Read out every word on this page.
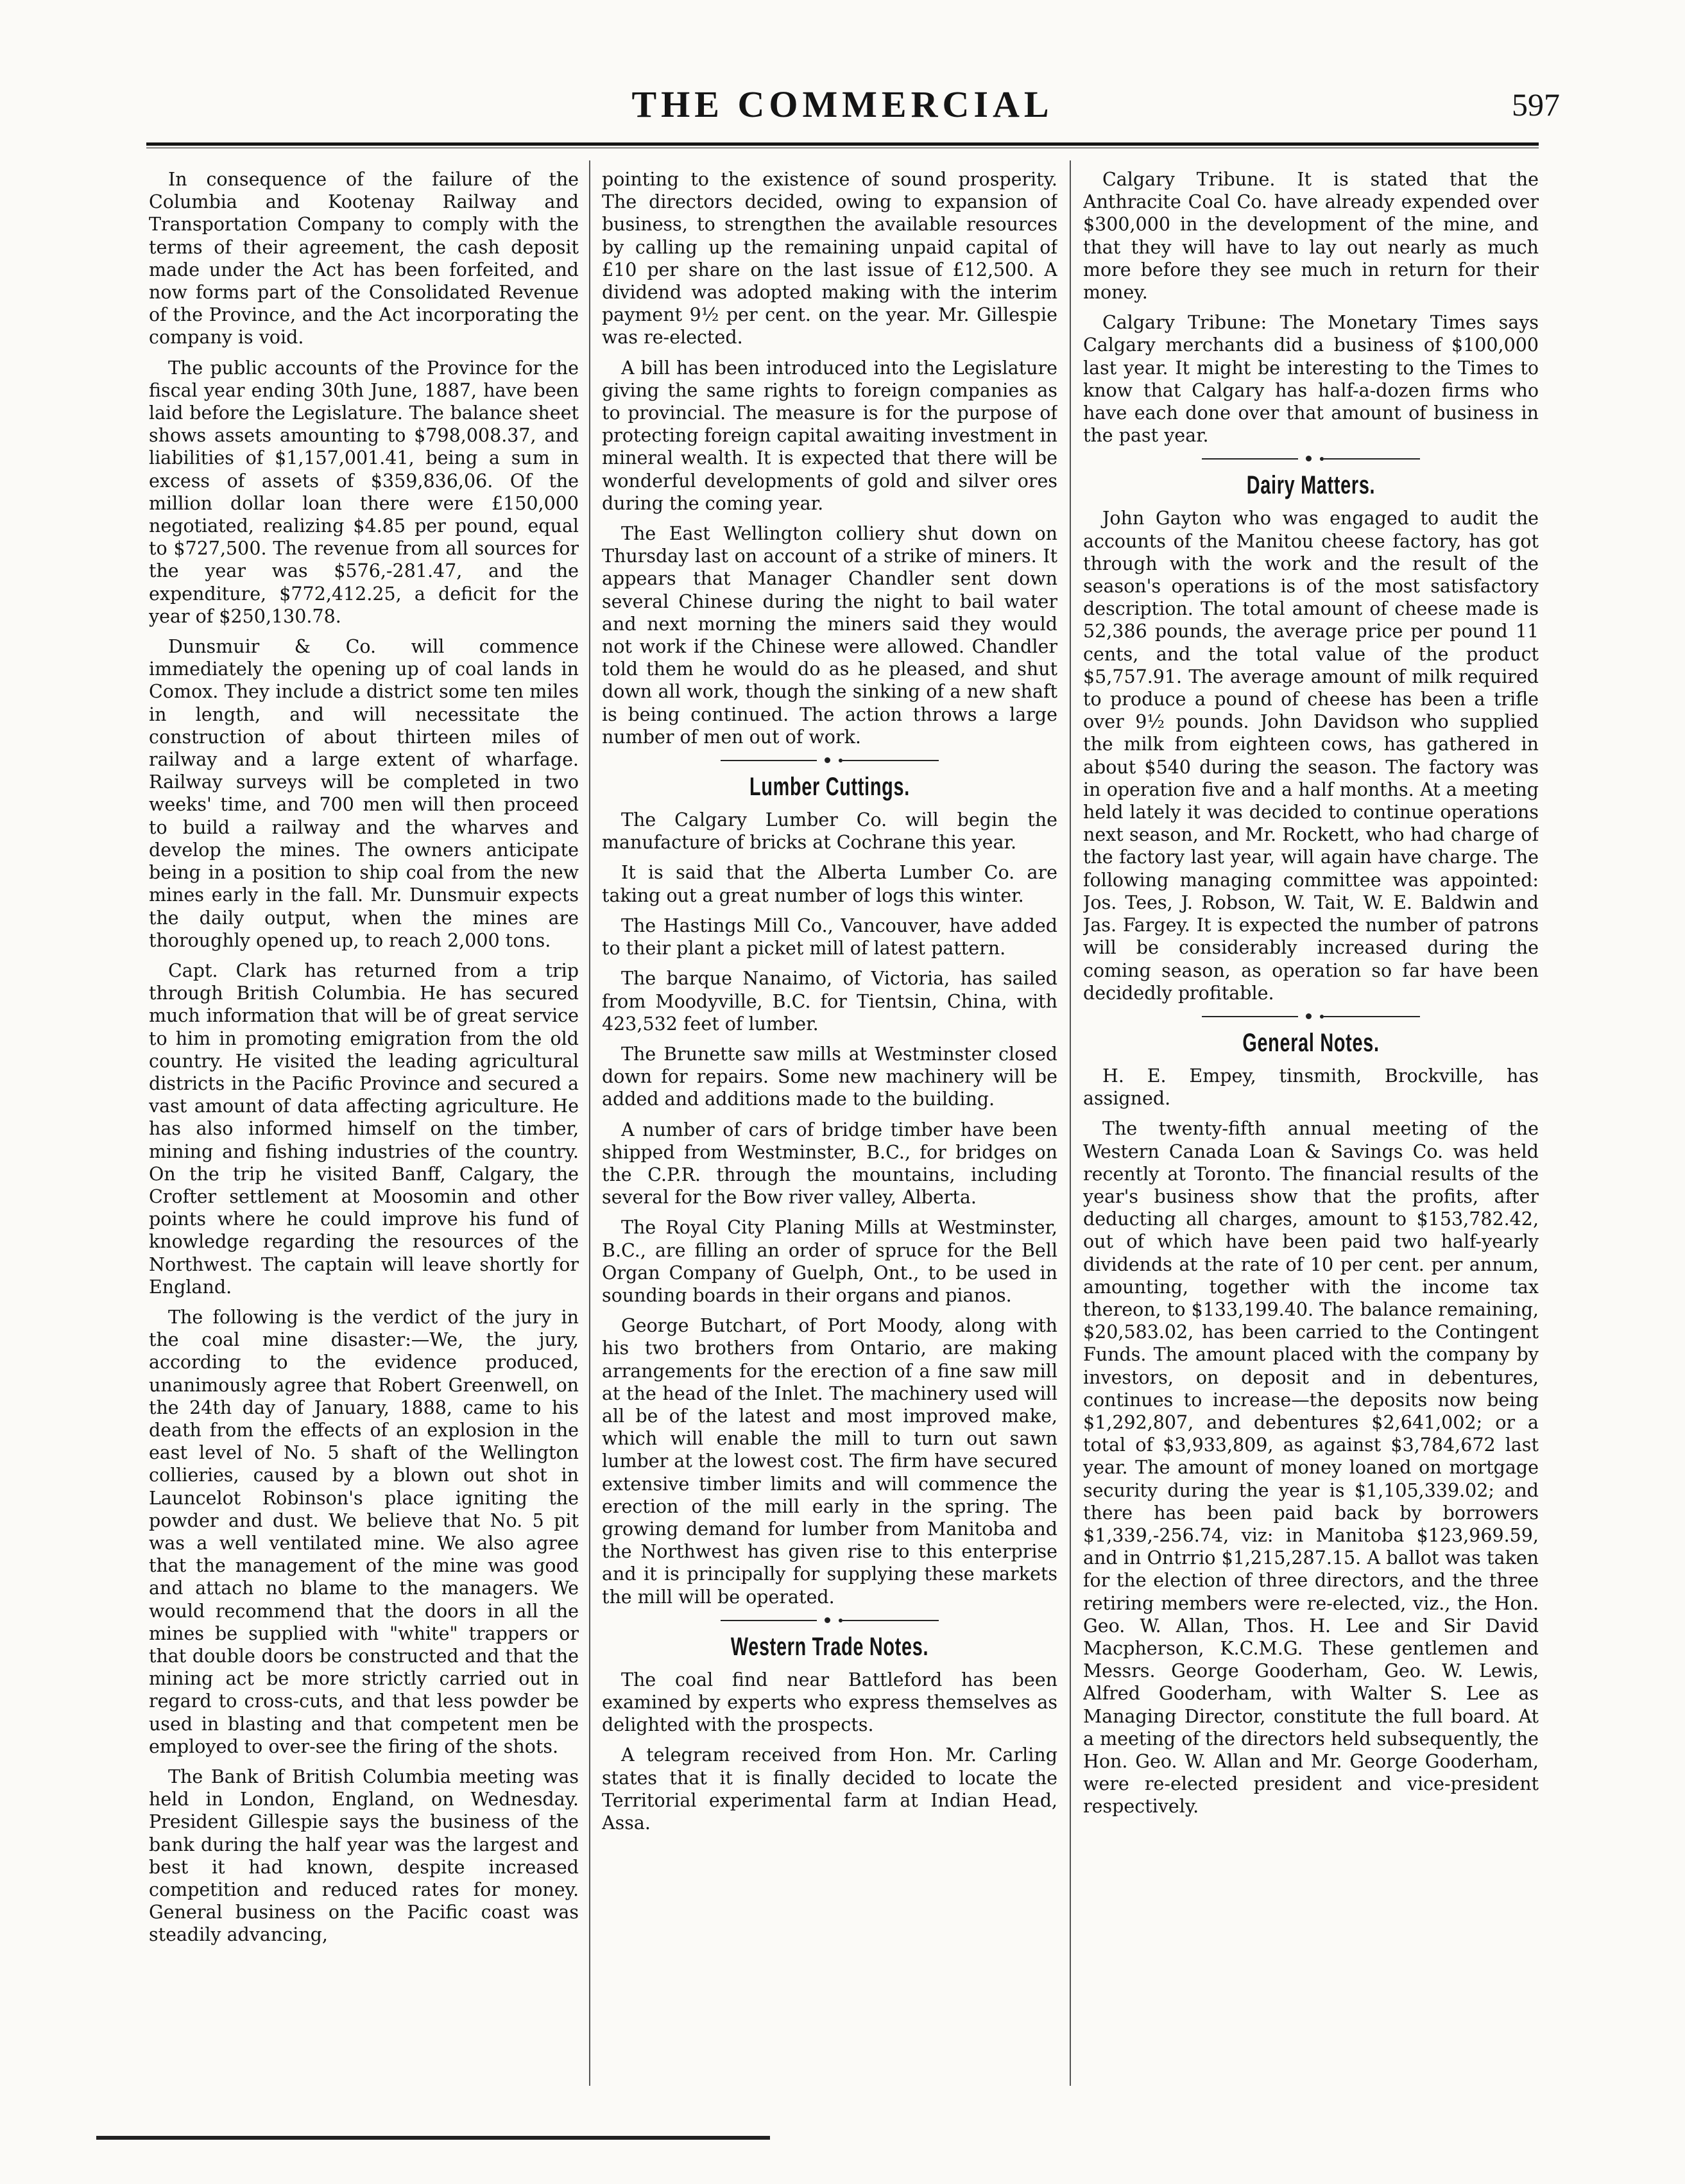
THE COMMERCIAL	597

In consequence of the failure of the Columbia and Kootenay Railway and Transportation Company to comply with the terms of their agreement, the cash deposit made under the Act has been forfeited, and now forms part of the Consolidated Revenue of the Province, and the Act incorporating the company is void.

The public accounts of the Province for the fiscal year ending 30th June, 1887, have been laid before the Legislature. The balance sheet shows assets amounting to $798,008.37, and liabilities of $1,157,001.41, being a sum in excess of assets of $359,836,06. Of the million dollar loan there were £150,000 negotiated, realizing $4.85 per pound, equal to $727,500. The revenue from all sources for the year was $576,-281.47, and the expenditure, $772,412.25, a deficit for the year of $250,130.78.

Dunsmuir & Co. will commence immediately the opening up of coal lands in Comox. They include a district some ten miles in length, and will necessitate the construction of about thirteen miles of railway and a large extent of wharfage. Railway surveys will be completed in two weeks' time, and 700 men will then proceed to build a railway and the wharves and develop the mines. The owners anticipate being in a position to ship coal from the new mines early in the fall. Mr. Dunsmuir expects the daily output, when the mines are thoroughly opened up, to reach 2,000 tons.

Capt. Clark has returned from a trip through British Columbia. He has secured much information that will be of great service to him in promoting emigration from the old country. He visited the leading agricultural districts in the Pacific Province and secured a vast amount of data affecting agriculture. He has also informed himself on the timber, mining and fishing industries of the country. On the trip he visited Banff, Calgary, the Crofter settlement at Moosomin and other points where he could improve his fund of knowledge regarding the resources of the Northwest. The captain will leave shortly for England.

The following is the verdict of the jury in the coal mine disaster:—We, the jury, according to the evidence produced, unanimously agree that Robert Greenwell, on the 24th day of January, 1888, came to his death from the effects of an explosion in the east level of No. 5 shaft of the Wellington collieries, caused by a blown out shot in Launcelot Robinson's place igniting the powder and dust. We believe that No. 5 pit was a well ventilated mine. We also agree that the management of the mine was good and attach no blame to the managers. We would recommend that the doors in all the mines be supplied with "white" trappers or that double doors be constructed and that the mining act be more strictly carried out in regard to cross-cuts, and that less powder be used in blasting and that competent men be employed to over-see the firing of the shots.

The Bank of British Columbia meeting was held in London, England, on Wednesday. President Gillespie says the business of the bank during the half year was the largest and best it had known, despite increased competition and reduced rates for money. General business on the Pacific coast was steadily advancing,

pointing to the existence of sound prosperity. The directors decided, owing to expansion of business, to strengthen the available resources by calling up the remaining unpaid capital of £10 per share on the last issue of £12,500. A dividend was adopted making with the interim payment 9½ per cent. on the year. Mr. Gillespie was re-elected.

A bill has been introduced into the Legislature giving the same rights to foreign companies as to provincial. The measure is for the purpose of protecting foreign capital awaiting investment in mineral wealth. It is expected that there will be wonderful developments of gold and silver ores during the coming year.

The East Wellington colliery shut down on Thursday last on account of a strike of miners. It appears that Manager Chandler sent down several Chinese during the night to bail water and next morning the miners said they would not work if the Chinese were allowed. Chandler told them he would do as he pleased, and shut down all work, though the sinking of a new shaft is being continued. The action throws a large number of men out of work.

Lumber Cuttings.

The Calgary Lumber Co. will begin the manufacture of bricks at Cochrane this year.

It is said that the Alberta Lumber Co. are taking out a great number of logs this winter.

The Hastings Mill Co., Vancouver, have added to their plant a picket mill of latest pattern.

The barque Nanaimo, of Victoria, has sailed from Moodyville, B.C. for Tientsin, China, with 423,532 feet of lumber.

The Brunette saw mills at Westminster closed down for repairs. Some new machinery will be added and additions made to the building.

A number of cars of bridge timber have been shipped from Westminster, B.C., for bridges on the C.P.R. through the mountains, including several for the Bow river valley, Alberta.

The Royal City Planing Mills at Westminster, B.C., are filling an order of spruce for the Bell Organ Company of Guelph, Ont., to be used in sounding boards in their organs and pianos.

George Butchart, of Port Moody, along with his two brothers from Ontario, are making arrangements for the erection of a fine saw mill at the head of the Inlet. The machinery used will all be of the latest and most improved make, which will enable the mill to turn out sawn lumber at the lowest cost. The firm have secured extensive timber limits and will commence the erection of the mill early in the spring. The growing demand for lumber from Manitoba and the Northwest has given rise to this enterprise and it is principally for supplying these markets the mill will be operated.

Western Trade Notes.

The coal find near Battleford has been examined by experts who express themselves as delighted with the prospects.

A telegram received from Hon. Mr. Carling states that it is finally decided to locate the Territorial experimental farm at Indian Head, Assa.

Calgary Tribune. It is stated that the Anthracite Coal Co. have already expended over $300,000 in the development of the mine, and that they will have to lay out nearly as much more before they see much in return for their money.

Calgary Tribune: The Monetary Times says Calgary merchants did a business of $100,000 last year. It might be interesting to the Times to know that Calgary has half-a-dozen firms who have each done over that amount of business in the past year.

Dairy Matters.

John Gayton who was engaged to audit the accounts of the Manitou cheese factory, has got through with the work and the result of the season's operations is of the most satisfactory description. The total amount of cheese made is 52,386 pounds, the average price per pound 11 cents, and the total value of the product $5,757.91. The average amount of milk required to produce a pound of cheese has been a trifle over 9½ pounds. John Davidson who supplied the milk from eighteen cows, has gathered in about $540 during the season. The factory was in operation five and a half months. At a meeting held lately it was decided to continue operations next season, and Mr. Rockett, who had charge of the factory last year, will again have charge. The following managing committee was appointed: Jos. Tees, J. Robson, W. Tait, W. E. Baldwin and Jas. Fargey. It is expected the number of patrons will be considerably increased during the coming season, as operation so far have been decidedly profitable.

General Notes.

H. E. Empey, tinsmith, Brockville, has assigned.

The twenty-fifth annual meeting of the Western Canada Loan & Savings Co. was held recently at Toronto. The financial results of the year's business show that the profits, after deducting all charges, amount to $153,782.42, out of which have been paid two half-yearly dividends at the rate of 10 per cent. per annum, amounting, together with the income tax thereon, to $133,199.40. The balance remaining, $20,583.02, has been carried to the Contingent Funds. The amount placed with the company by investors, on deposit and in debentures, continues to increase—the deposits now being $1,292,807, and debentures $2,641,002; or a total of $3,933,809, as against $3,784,672 last year. The amount of money loaned on mortgage security during the year is $1,105,339.02; and there has been paid back by borrowers $1,339,-256.74, viz: in Manitoba $123,969.59, and in Ontrrio $1,215,287.15. A ballot was taken for the election of three directors, and the three retiring members were re-elected, viz., the Hon. Geo. W. Allan, Thos. H. Lee and Sir David Macpherson, K.C.M.G. These gentlemen and Messrs. George Gooderham, Geo. W. Lewis, Alfred Gooderham, with Walter S. Lee as Managing Director, constitute the full board. At a meeting of the directors held subsequently, the Hon. Geo. W. Allan and Mr. George Gooderham, were re-elected president and vice-president respectively.
